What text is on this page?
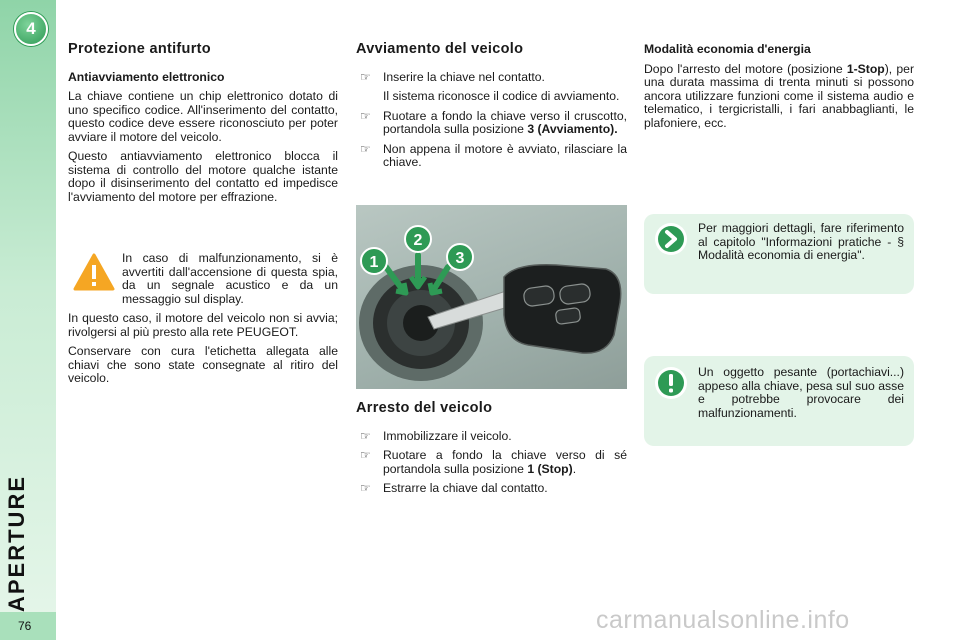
4
APERTURE
76
Protezione antifurto
Antiavviamento elettronico

La chiave contiene un chip elettronico dotato di uno specifico codice. All'inserimento del contatto, questo codice deve essere riconosciuto per poter avviare il motore del veicolo.

Questo antiavviamento elettronico blocca il sistema di controllo del motore qualche istante dopo il disinserimento del contatto ed impedisce l'avviamento del motore per effrazione.

In caso di malfunzionamento, si è avvertiti dall'accensione di questa spia, da un segnale acustico e da un messaggio sul display.

In questo caso, il motore del veicolo non si avvia; rivolgersi al più presto alla rete PEUGEOT.

Conservare con cura l'etichetta allegata alle chiavi che sono state consegnate al ritiro del veicolo.

Avviamento del veicolo
☞ Inserire la chiave nel contatto.
Il sistema riconosce il codice di avviamento.
☞ Ruotare a fondo la chiave verso il cruscotto, portandola sulla posizione 3 (Avviamento).
☞ Non appena il motore è avviato, rilasciare la chiave.
1
2
3
Arresto del veicolo
☞ Immobilizzare il veicolo.
☞ Ruotare a fondo la chiave verso di sé portandola sulla posizione 1 (Stop).
☞ Estrarre la chiave dal contatto.
Modalità economia d'energia

Dopo l'arresto del motore (posizione 1-Stop), per una durata massima di trenta minuti si possono ancora utilizzare funzioni come il sistema audio e telematico, i tergicristalli, i fari anabbaglianti, le plafoniere, ecc.

Per maggiori dettagli, fare riferimento al capitolo "Informazioni pratiche - § Modalità economia di energia".
Un oggetto pesante (portachiavi...) appeso alla chiave, pesa sul suo asse e potrebbe provocare dei malfunzionamenti.
carmanualsonline.info
